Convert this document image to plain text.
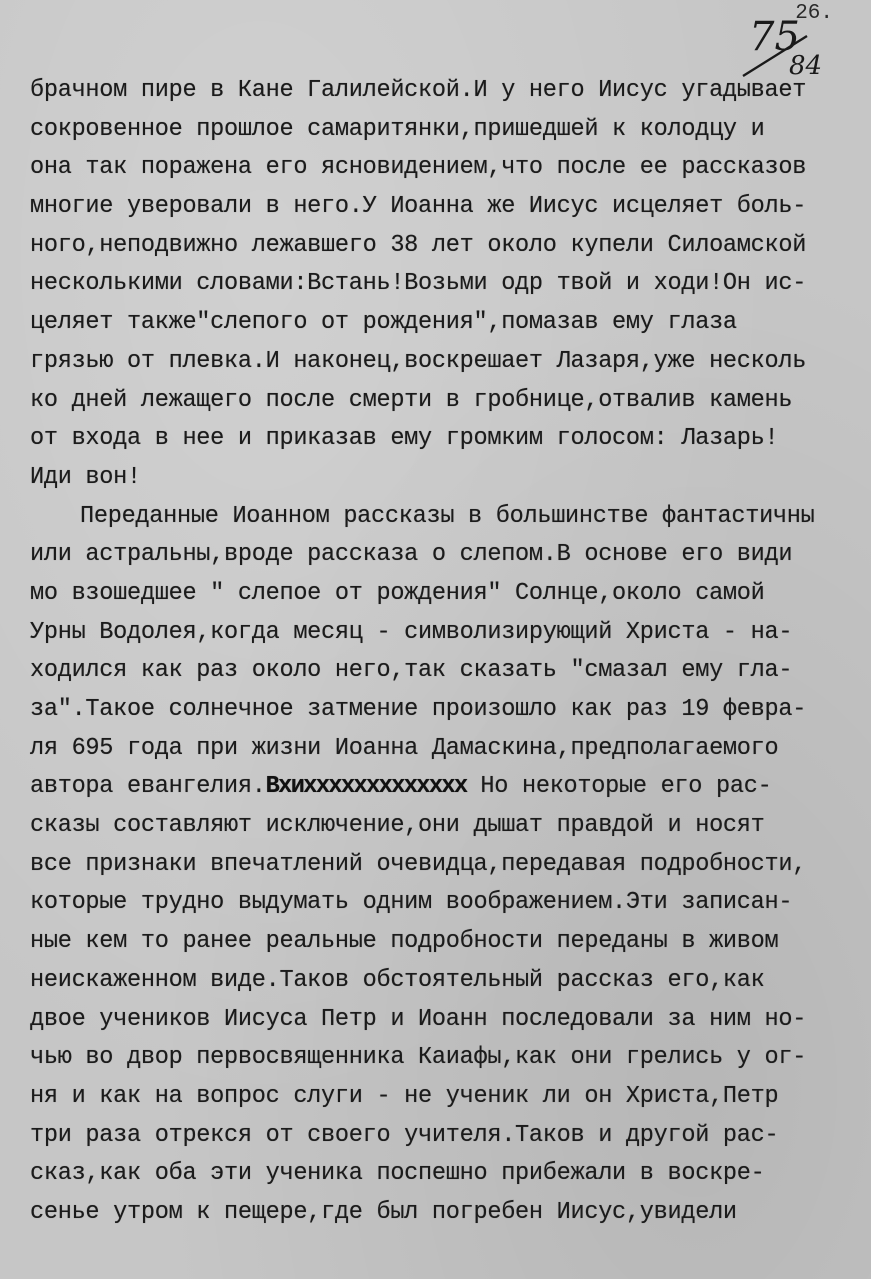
26.
75
84
брачном пире в Кане Галилейской.И у него Иисус угадывает
сокровенное прошлое самаритянки,пришедшей к колодцу и
она так поражена его ясновидением,что после ее рассказов
многие уверовали в него.У Иоанна же Иисус исцеляет боль-
ного,неподвижно лежавшего 38 лет около купели Силоамской
несколькими словами:Встань!Возьми одр твой и ходи!Он ис-
целяет также"слепого от рождения",помазав ему глаза
грязью от плевка.И наконец,воскрешает Лазаря,уже несколь
ко дней лежащего после смерти в гробнице,отвалив камень
от входа в нее и приказав ему громким голосом: Лазарь!
Иди вон!
Переданные Иоанном рассказы в большинстве фантастичны
или астральны,вроде рассказа о слепом.В основе его види
мо взошедшее " слепое от рождения" Солнце,около самой
Урны Водолея,когда месяц - символизирующий Христа - на-
ходился как раз около него,так сказать "смазал ему гла-
за".Такое солнечное затмение произошло как раз 19 февра-
ля 695 года при жизни Иоанна Дамаскина,предполагаемого
автора евангелия.Вхиххххххххххххх Но некоторые его рас-
сказы составляют исключение,они дышат правдой и носят
все признаки впечатлений очевидца,передавая подробности,
которые трудно выдумать одним воображением.Эти записан-
ные кем то ранее реальные подробности переданы в живом
неискаженном виде.Таков обстоятельный рассказ его,как
двое учеников Иисуса Петр и Иоанн последовали за ним но-
чью во двор первосвященника Каиафы,как они грелись у ог-
ня и как на вопрос слуги - не ученик ли он Христа,Петр
три раза отрекся от своего учителя.Таков и другой рас-
сказ,как оба эти ученика поспешно прибежали в воскре-
сенье утром к пещере,где был погребен Иисус,увидели
